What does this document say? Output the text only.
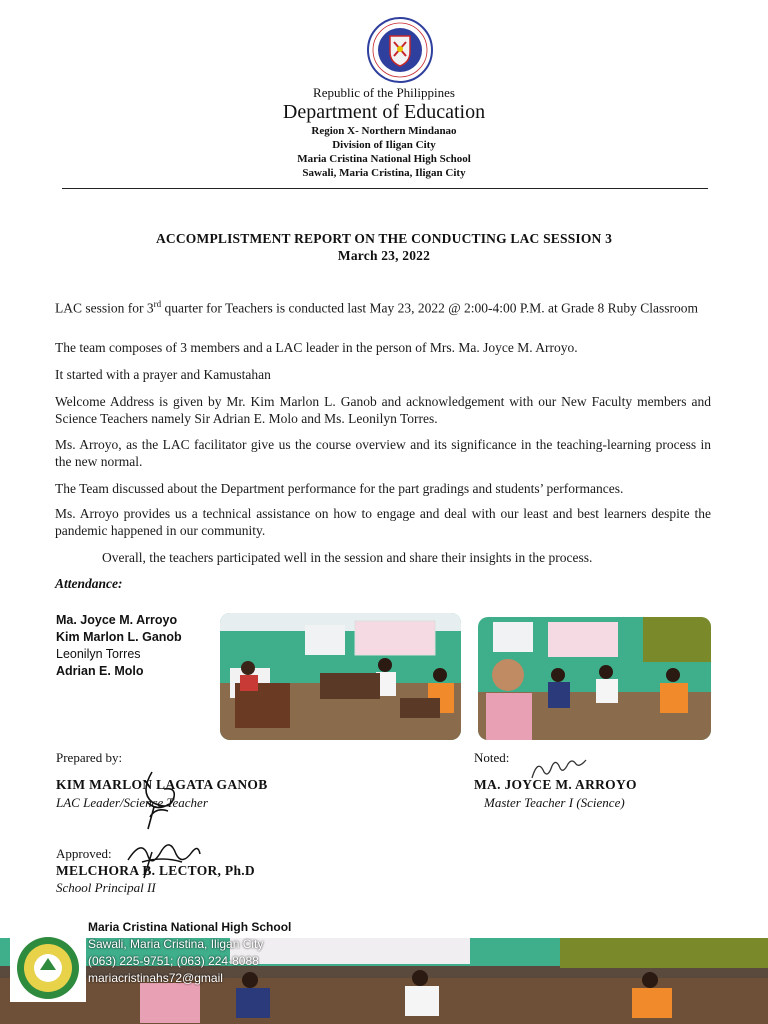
Republic of the Philippines
Department of Education
Region X- Northern Mindanao
Division of Iligan City
Maria Cristina National High School
Sawali, Maria Cristina, Iligan City
ACCOMPLISTMENT REPORT ON THE CONDUCTING LAC SESSION 3
March 23, 2022
LAC session for 3rd quarter for Teachers is conducted last May 23, 2022 @ 2:00-4:00 P.M. at Grade 8 Ruby Classroom
The team composes of 3 members and a LAC leader in the person of Mrs. Ma. Joyce M. Arroyo.
It started with a prayer and Kamustahan
Welcome Address is given by Mr. Kim Marlon L. Ganob and acknowledgement with our New Faculty members and Science Teachers namely Sir Adrian E. Molo and Ms. Leonilyn Torres.
Ms. Arroyo, as the LAC facilitator give us the course overview and its significance in the teaching-learning process in the new normal.
The Team discussed about the Department performance for the part gradings and students’ performances.
Ms. Arroyo provides us a technical assistance on how to engage and deal with our least and best learners despite the pandemic happened in our community.
Overall, the teachers participated well in the session and share their insights in the process.
Attendance:
Ma. Joyce M. Arroyo
Kim Marlon L. Ganob
Leonilyn Torres
Adrian E. Molo
Prepared by:
KIM MARLON LAGATA GANOB
LAC Leader/Science Teacher
Noted:
MA. JOYCE M. ARROYO
Master Teacher I (Science)
Approved:
MELCHORA B. LECTOR, Ph.D
School Principal II
Maria Cristina National High School
Sawali, Maria Cristina, Iligan City
(063) 225-9751; (063) 224-8088
mariacristinahs72@gmail
